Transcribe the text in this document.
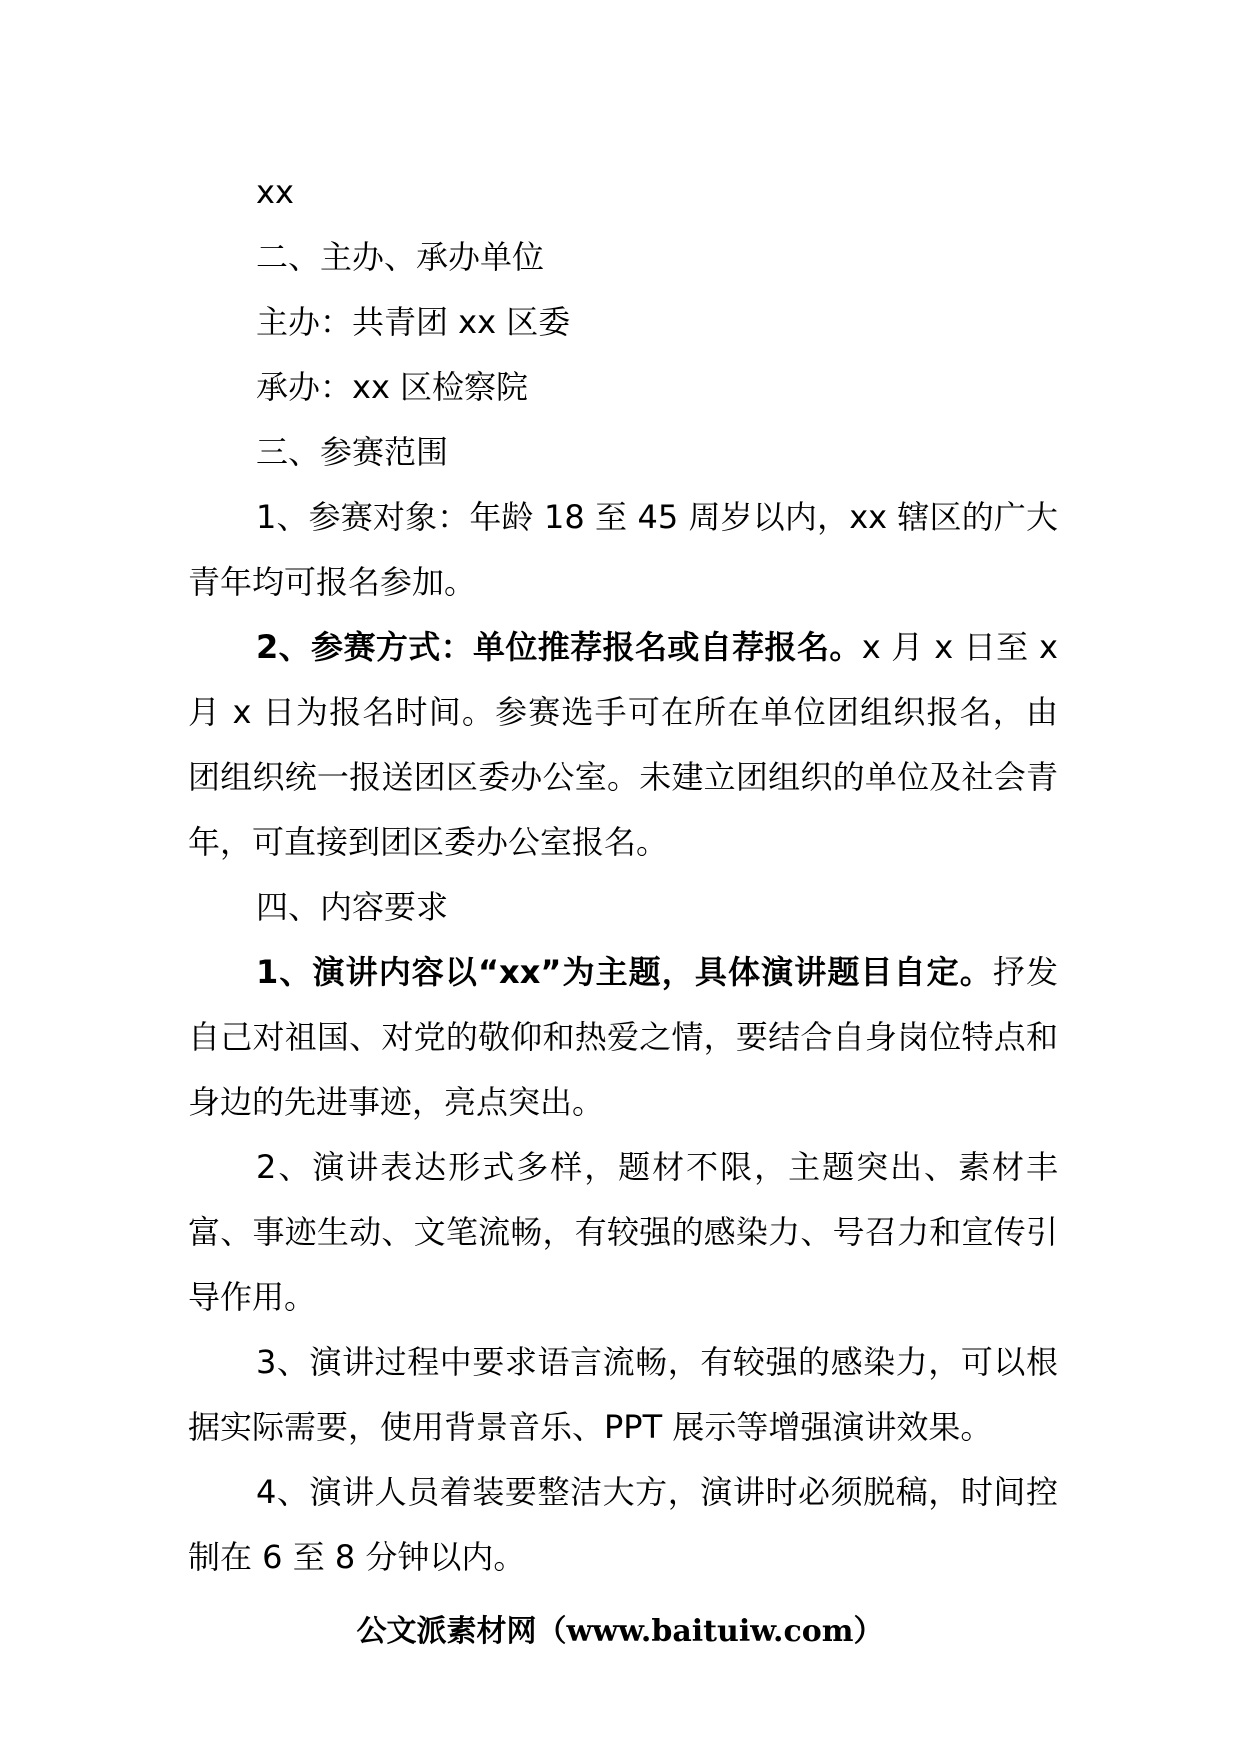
xx

二、主办、承办单位

主办：共青团 xx 区委

承办：xx 区检察院

三、参赛范围

1、参赛对象：年龄 18 至 45 周岁以内，xx 辖区的广大青年均可报名参加。

2、参赛方式：单位推荐报名或自荐报名。x 月 x 日至 x 月 x 日为报名时间。参赛选手可在所在单位团组织报名，由团组织统一报送团区委办公室。未建立团组织的单位及社会青年，可直接到团区委办公室报名。

四、内容要求

1、演讲内容以“xx”为主题，具体演讲题目自定。抒发自己对祖国、对党的敬仰和热爱之情，要结合自身岗位特点和身边的先进事迹，亮点突出。

2、演讲表达形式多样，题材不限，主题突出、素材丰富、事迹生动、文笔流畅，有较强的感染力、号召力和宣传引导作用。

3、演讲过程中要求语言流畅，有较强的感染力，可以根据实际需要，使用背景音乐、PPT 展示等增强演讲效果。

4、演讲人员着装要整洁大方，演讲时必须脱稿，时间控制在 6 至 8 分钟以内。

公文派素材网（www.baituiw.com）
